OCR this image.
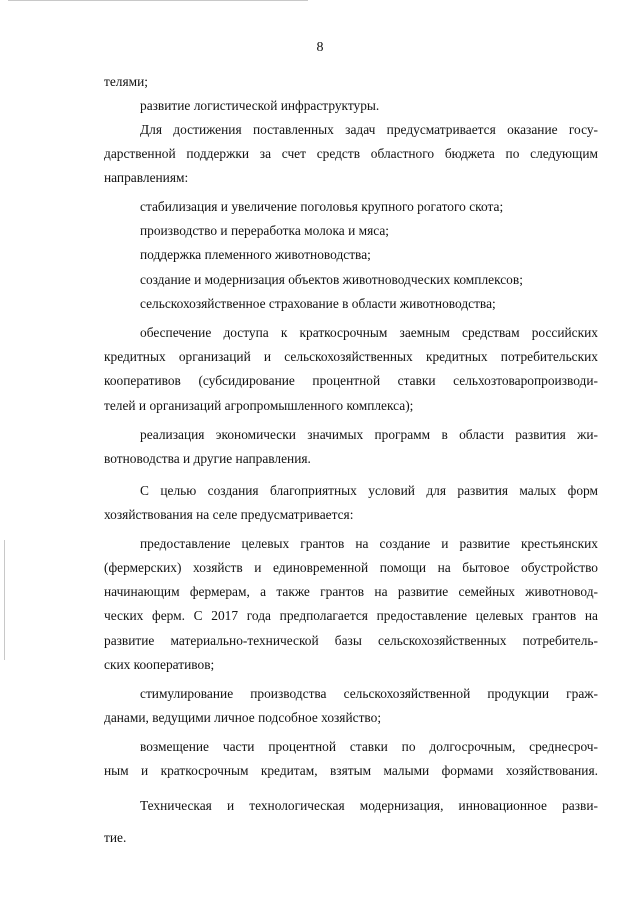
8

телями;

развитие логистической инфраструктуры.

Для достижения поставленных задач предусматривается оказание госу-

дарственной поддержки за счет средств областного бюджета по следующим

направлениям:

стабилизация и увеличение поголовья крупного рогатого скота;

производство и переработка молока и мяса;

поддержка племенного животноводства;

создание и модернизация объектов животноводческих комплексов;

сельскохозяйственное страхование в области животноводства;

обеспечение доступа к краткосрочным заемным средствам российских

кредитных организаций и сельскохозяйственных кредитных потребительских

кооперативов (субсидирование процентной ставки сельхозтоваропроизводи-

телей и организаций агропромышленного комплекса);

реализация экономически значимых программ в области развития жи-

вотноводства и другие направления.

С целью создания благоприятных условий для развития малых форм

хозяйствования на селе предусматривается:

предоставление целевых грантов на создание и развитие крестьянских

(фермерских) хозяйств и единовременной помощи на бытовое обустройство

начинающим фермерам, а также грантов на развитие семейных животновод-

ческих ферм. С 2017 года предполагается предоставление целевых грантов на

развитие материально-технической базы сельскохозяйственных потребитель-

ских кооперативов;

стимулирование производства сельскохозяйственной продукции граж-

данами, ведущими личное подсобное хозяйство;

возмещение части процентной ставки по долгосрочным, среднесроч-

ным и краткосрочным кредитам, взятым малыми формами хозяйствования.

Техническая и технологическая модернизация, инновационное разви-

тие.
